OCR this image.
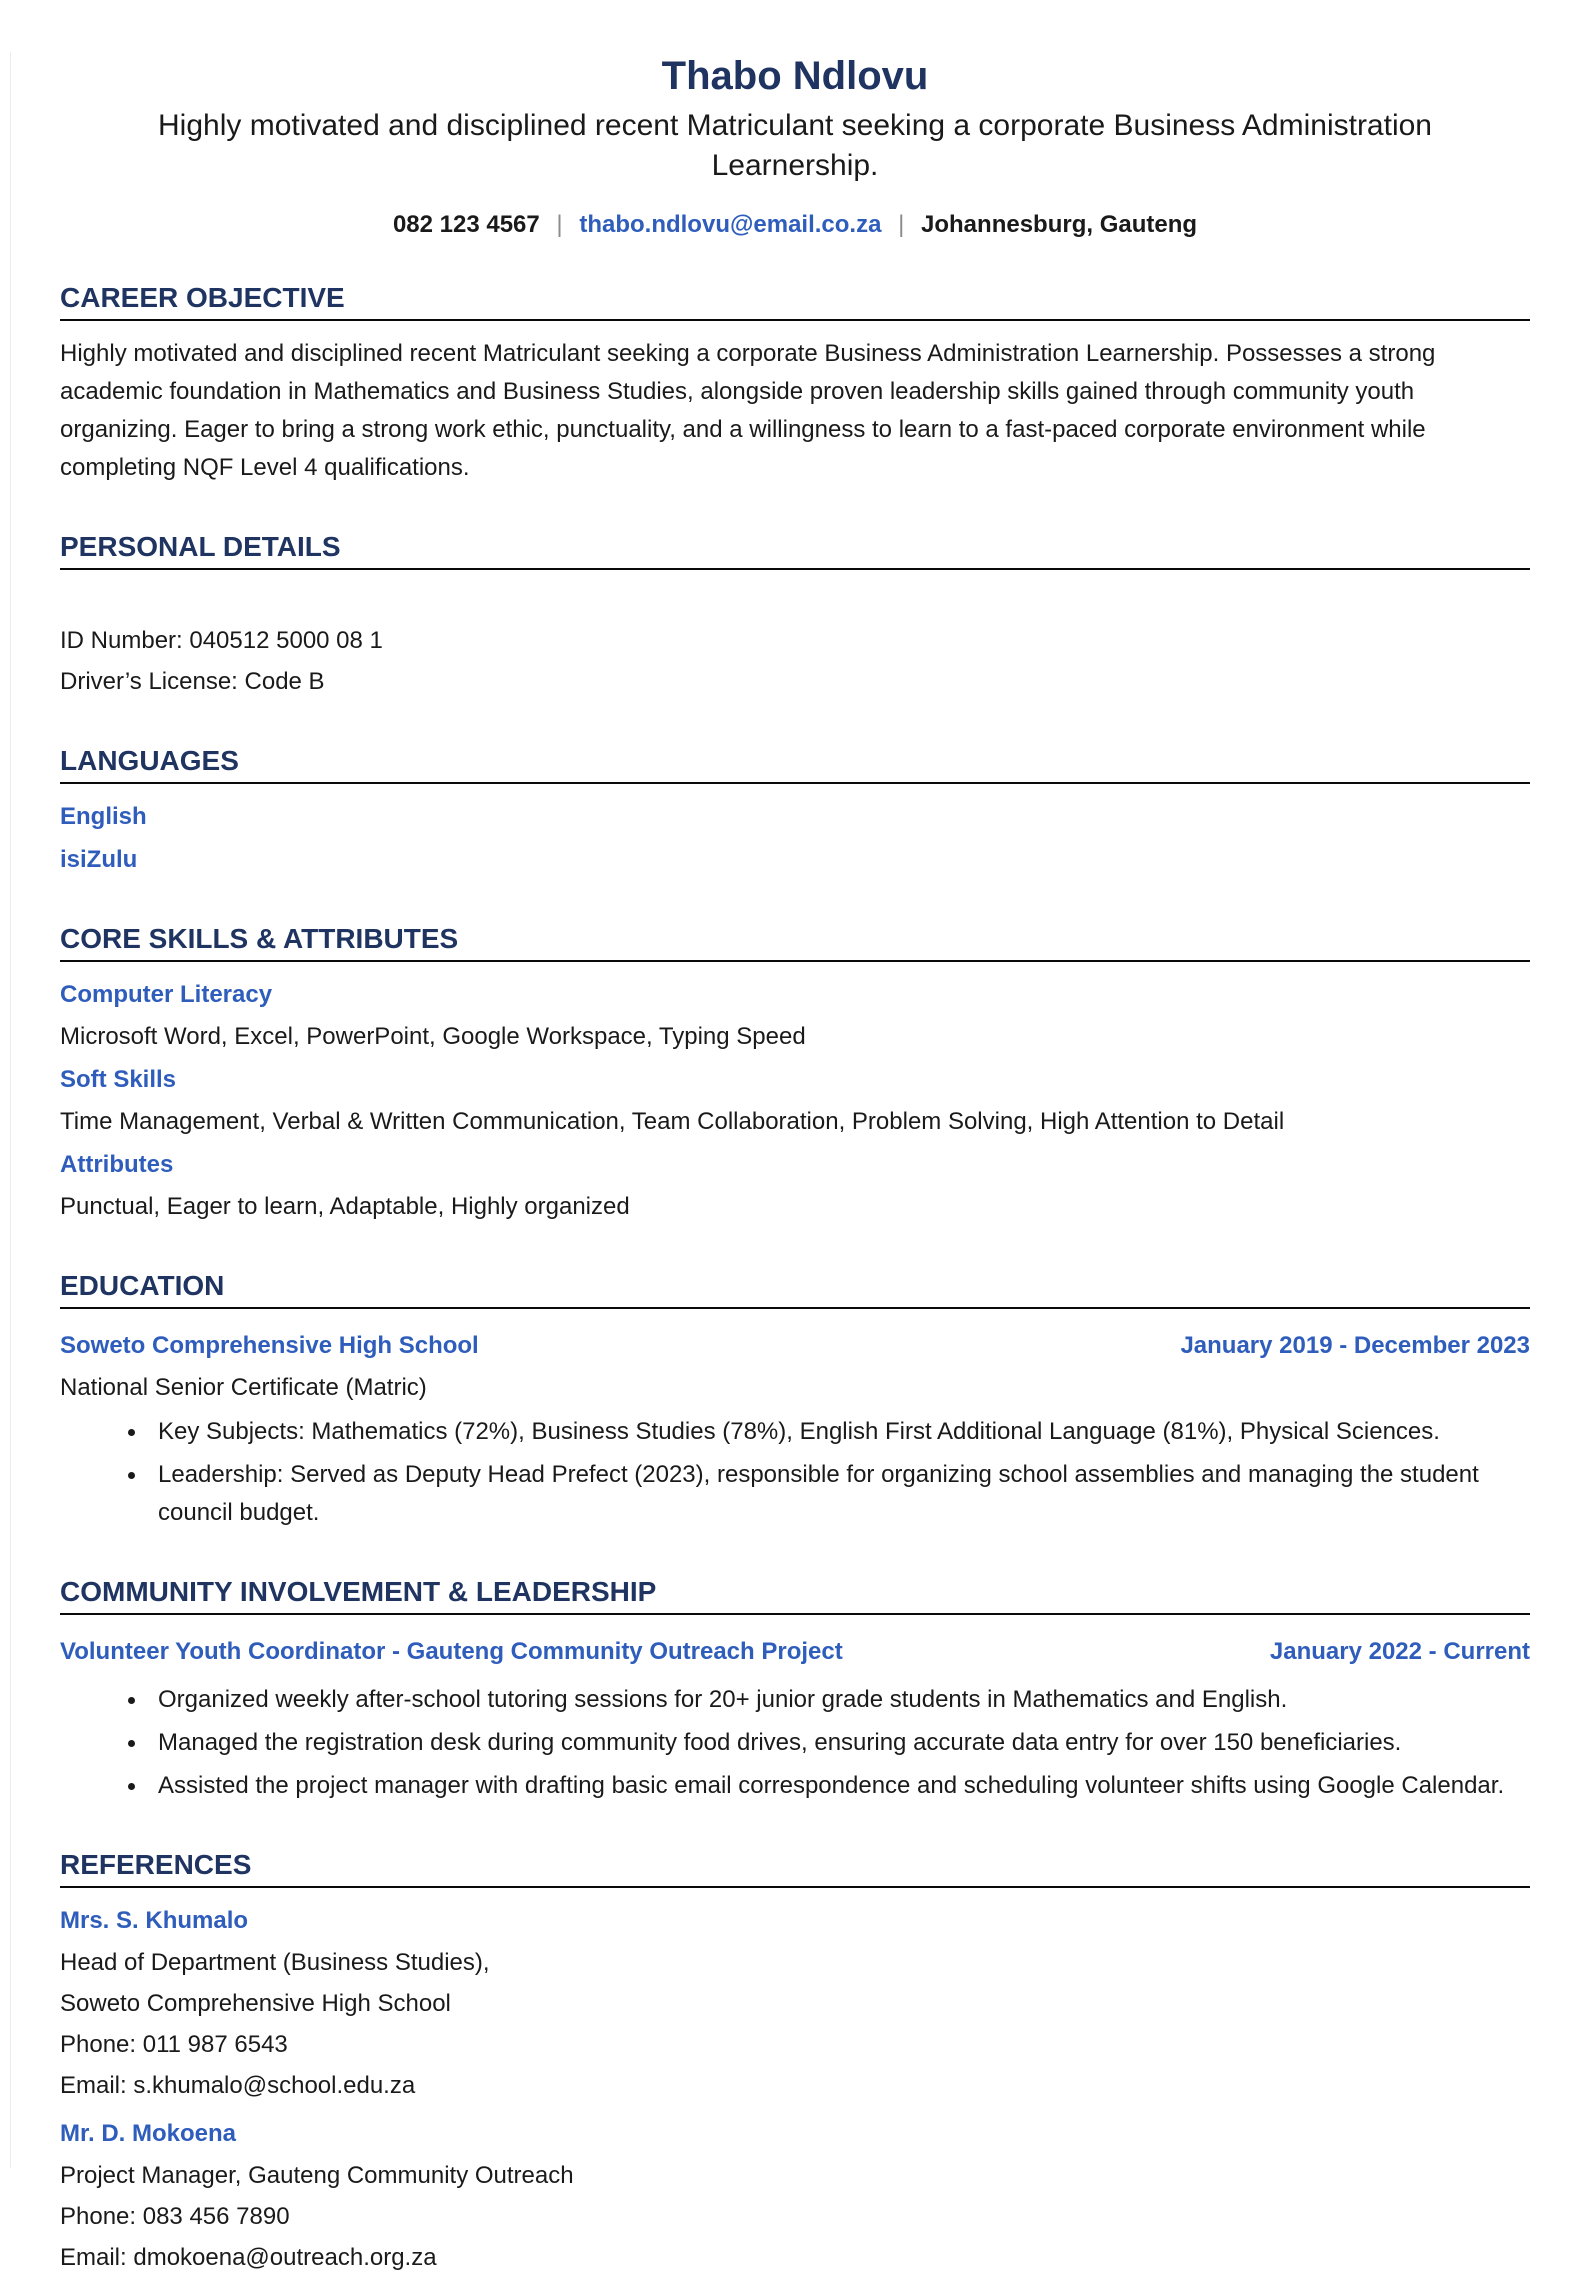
Thabo Ndlovu

Highly motivated and disciplined recent Matriculant seeking a corporate Business Administration Learnership.

082 123 4567 | thabo.ndlovu@email.co.za | Johannesburg, Gauteng

CAREER OBJECTIVE

Highly motivated and disciplined recent Matriculant seeking a corporate Business Administration Learnership. Possesses a strong academic foundation in Mathematics and Business Studies, alongside proven leadership skills gained through community youth organizing. Eager to bring a strong work ethic, punctuality, and a willingness to learn to a fast-paced corporate environment while completing NQF Level 4 qualifications.

PERSONAL DETAILS

ID Number: 040512 5000 08 1

Driver’s License: Code B

LANGUAGES

English

isiZulu

CORE SKILLS & ATTRIBUTES

Computer Literacy

Microsoft Word, Excel, PowerPoint, Google Workspace, Typing Speed

Soft Skills

Time Management, Verbal & Written Communication, Team Collaboration, Problem Solving, High Attention to Detail

Attributes

Punctual, Eager to learn, Adaptable, Highly organized

EDUCATION
Soweto Comprehensive High School	January 2019 - December 2023

National Senior Certificate (Matric)

• Key Subjects: Mathematics (72%), Business Studies (78%), English First Additional Language (81%), Physical Sciences.
• Leadership: Served as Deputy Head Prefect (2023), responsible for organizing school assemblies and managing the student council budget.
COMMUNITY INVOLVEMENT & LEADERSHIP
Volunteer Youth Coordinator - Gauteng Community Outreach Project	January 2022 - Current
• Organized weekly after-school tutoring sessions for 20+ junior grade students in Mathematics and English.
• Managed the registration desk during community food drives, ensuring accurate data entry for over 150 beneficiaries.
• Assisted the project manager with drafting basic email correspondence and scheduling volunteer shifts using Google Calendar.
REFERENCES

Mrs. S. Khumalo

Head of Department (Business Studies),

Soweto Comprehensive High School

Phone: 011 987 6543

Email: s.khumalo@school.edu.za

Mr. D. Mokoena

Project Manager, Gauteng Community Outreach

Phone: 083 456 7890

Email: dmokoena@outreach.org.za
